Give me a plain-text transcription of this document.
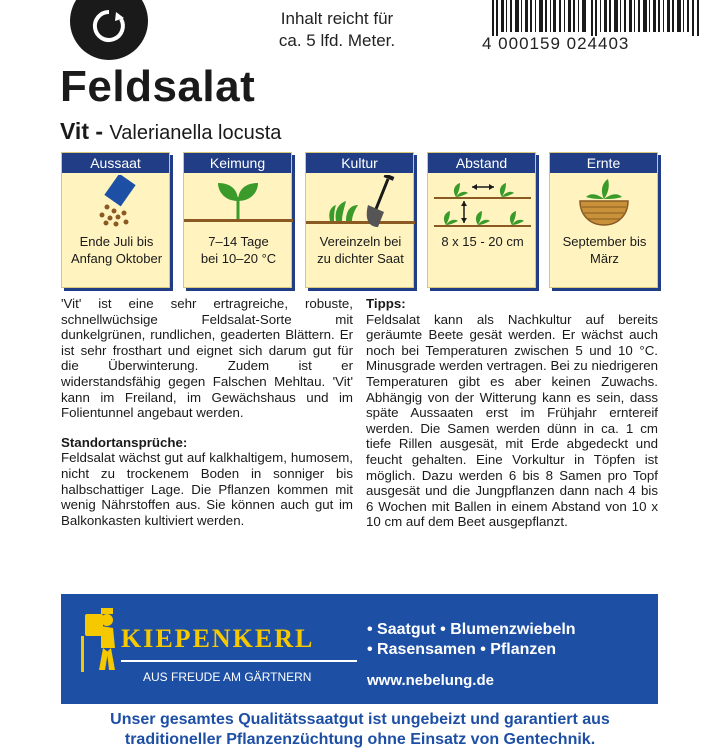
Inhalt reicht für
ca. 5 lfd. Meter.	4 000159 024403
Feldsalat
Vit - Valerianella locusta
Aussaat
Ende Juli bis
Anfang Oktober
Keimung
7–14 Tage
bei 10–20 °C
Kultur
Vereinzeln bei
zu dichter Saat
Abstand
8 x 15 - 20 cm
Ernte
September bis
März

'Vit' ist eine sehr ertragreiche, robuste, schnellwüchsige Feldsalat-Sorte mit dunkelgrünen, rundlichen, geaderten Blättern. Er ist sehr frosthart und eignet sich darum gut für die Überwinterung. Zudem ist er widerstandsfähig gegen Falschen Mehltau. 'Vit' kann im Freiland, im Gewächshaus und im Folientunnel angebaut werden.

Standortansprüche:

Feldsalat wächst gut auf kalkhaltigem, humosem, nicht zu trockenem Boden in sonniger bis halbschattiger Lage. Die Pflanzen kommen mit wenig Nährstoffen aus. Sie können auch gut im Balkonkasten kultiviert werden.

Tipps:

Feldsalat kann als Nachkultur auf bereits geräumte Beete gesät werden. Er wächst auch noch bei Temperaturen zwischen 5 und 10 °C. Minusgrade werden vertragen. Bei zu niedrigeren Temperaturen gibt es aber keinen Zuwachs. Abhängig von der Witterung kann es sein, dass späte Aussaaten erst im Frühjahr erntereif werden. Die Samen werden dünn in ca. 1 cm tiefe Rillen ausgesät, mit Erde abgedeckt und feucht gehalten. Eine Vorkultur in Töpfen ist möglich. Dazu werden 6 bis 8 Samen pro Topf ausgesät und die Jungpflanzen dann nach 4 bis 6 Wochen mit Ballen in einem Abstand von 10 x 10 cm auf dem Beet ausgepflanzt.

KIEPENKERL
AUS FREUDE AM GÄRTNERN
• Saatgut • Blumenzwiebeln
• Rasensamen • Pflanzen
www.nebelung.de
Unser gesamtes Qualitätssaatgut ist ungebeizt und garantiert aus
traditioneller Pflanzenzüchtung ohne Einsatz von Gentechnik.
